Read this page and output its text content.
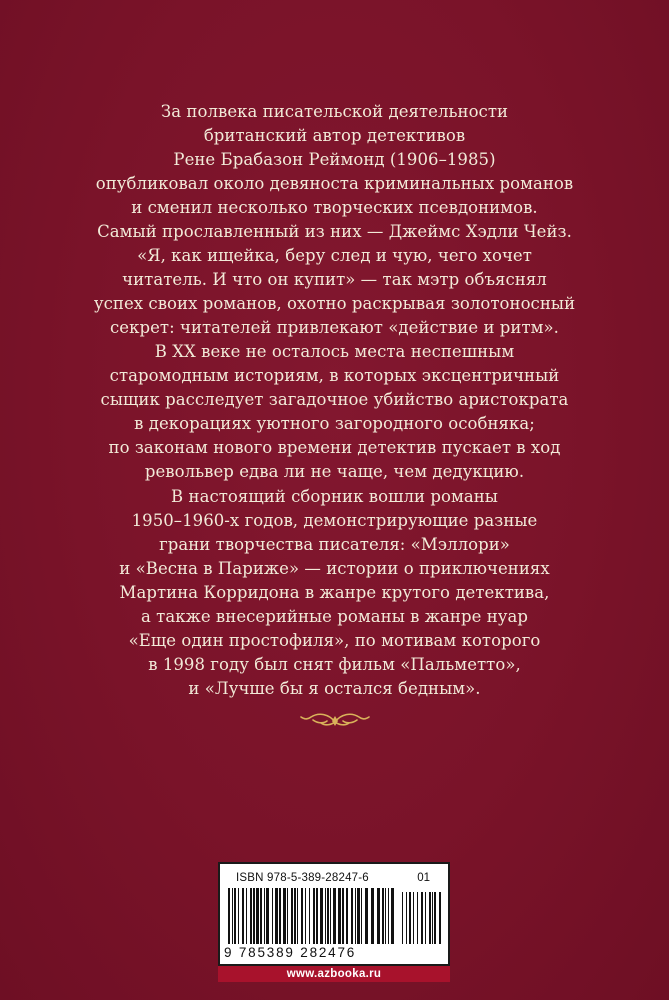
За полвека писательской деятельности
британский автор детективов
Рене Брабазон Реймонд (1906–1985)
опубликовал около девяноста криминальных романов
и сменил несколько творческих псевдонимов.
Самый прославленный из них — Джеймс Хэдли Чейз.
«Я, как ищейка, беру след и чую, чего хочет
читатель. И что он купит» — так мэтр объяснял
успех своих романов, охотно раскрывая золотоносный
секрет: читателей привлекают «действие и ритм».
В XX веке не осталось места неспешным
старомодным историям, в которых эксцентричный
сыщик расследует загадочное убийство аристократа
в декорациях уютного загородного особняка;
по законам нового времени детектив пускает в ход
револьвер едва ли не чаще, чем дедукцию.
В настоящий сборник вошли романы
1950–1960-х годов, демонстрирующие разные
грани творчества писателя: «Мэллори»
и «Весна в Париже» — истории о приключениях
Мартина Корридона в жанре крутого детектива,
а также внесерийные романы в жанре нуар
«Еще один простофиля», по мотивам которого
в 1998 году был снят фильм «Пальметто»,
и «Лучше бы я остался бедным».
ISBN 978-5-389-28247-6	01
9 785389 282476
www.azbooka.ru
